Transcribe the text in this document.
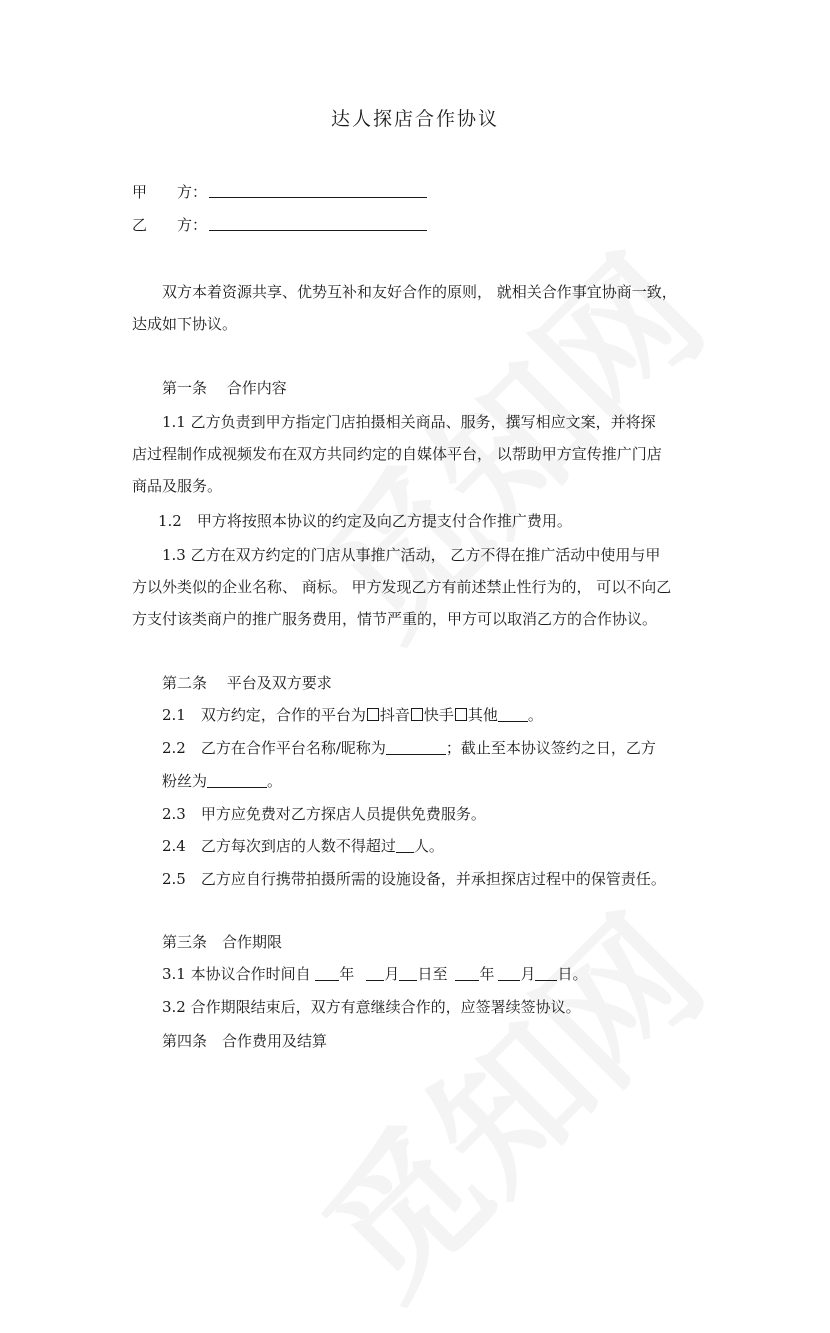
达人探店合作协议
甲　　方：
乙　　方：
双方本着资源共享、优势互补和友好合作的原则， 就相关合作事宜协商一致，
达成如下协议。
第一条　 合作内容
1.1 乙方负责到甲方指定门店拍摄相关商品、服务，撰写相应文案，并将探
店过程制作成视频发布在双方共同约定的自媒体平台， 以帮助甲方宣传推广门店
商品及服务。
1.2　甲方将按照本协议的约定及向乙方提支付合作推广费用。
1.3 乙方在双方约定的门店从事推广活动， 乙方不得在推广活动中使用与甲
方以外类似的企业名称、 商标。 甲方发现乙方有前述禁止性行为的， 可以不向乙
方支付该类商户的推广服务费用，情节严重的，甲方可以取消乙方的合作协议。
第二条　 平台及双方要求
2.1　双方约定，合作的平台为 抖音 快手 其他 。
2.2　乙方在合作平台名称/昵称为	；截止至本协议签约之日，乙方
粉丝为	。
2.3　甲方应免费对乙方探店人员提供免费服务。
2.4　乙方每次到店的人数不得超过 人。
2.5　乙方应自行携带拍摄所需的设施设备，并承担探店过程中的保管责任。
第三条　合作期限
3.1 本协议合作时间自 年 月 日至 年 月 日。
3.2 合作期限结束后，双方有意继续合作的，应签署续签协议。
第四条　合作费用及结算
